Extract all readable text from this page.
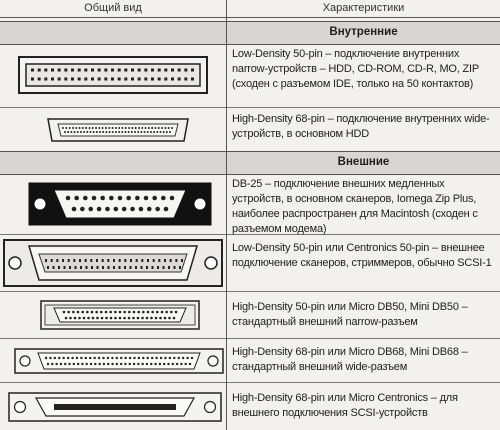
Общий вид	Характеристики
Внутренние
Low-Density 50-pin – подключение внутренних narrow-устройств – HDD, CD-ROM, CD-R, MO, ZIP (сходен с разъемом IDE, только на 50 контактов)
High-Density 68-pin – подключение внутренних wide-устройств, в основном HDD
Внешние
DB-25 – подключение внешних медленных устройств, в основном сканеров, Iomega Zip Plus, наиболее распространен для Macintosh (сходен с разъемом модема)
Low-Density 50-pin или Centronics 50-pin – внешнее подключение сканеров, стриммеров, обычно SCSI-1
High-Density 50-pin или Micro DB50, Mini DB50 – стандартный внешний narrow-разъем
High-Density 68-pin или Micro DB68, Mini DB68 – стандартный внешний wide-разъем
High-Density 68-pin или Micro Centronics – для внешнего подключения SCSI-устройств
